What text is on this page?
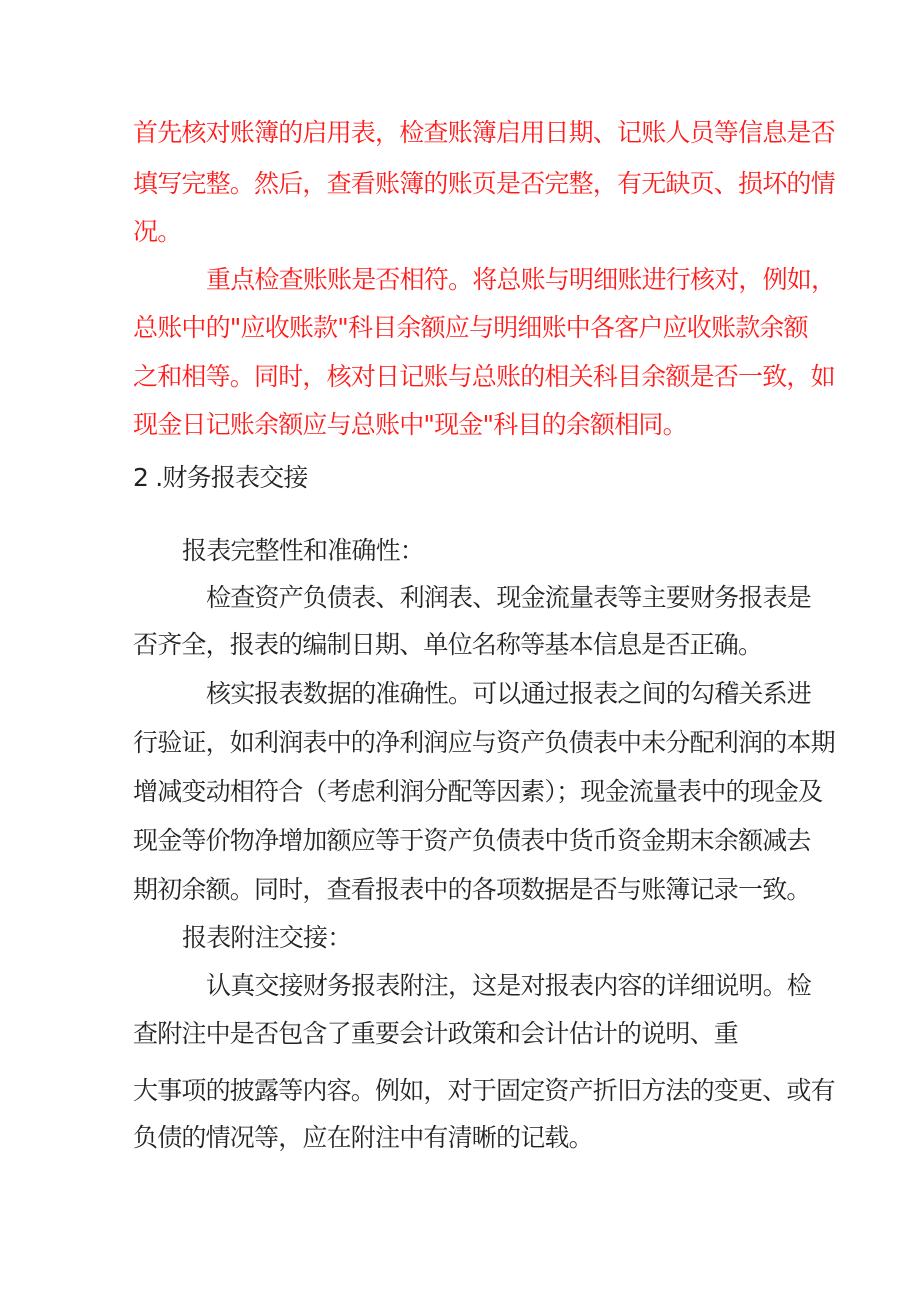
首先核对账簿的启用表，检查账簿启用日期、记账人员等信息是否
填写完整。然后，查看账簿的账页是否完整，有无缺页、损坏的情
况。
重点检查账账是否相符。将总账与明细账进行核对，例如，
总账中的"应收账款"科目余额应与明细账中各客户应收账款余额
之和相等。同时，核对日记账与总账的相关科目余额是否一致，如
现金日记账余额应与总账中"现金"科目的余额相同。
2 .财务报表交接
报表完整性和准确性：
检查资产负债表、利润表、现金流量表等主要财务报表是
否齐全，报表的编制日期、单位名称等基本信息是否正确。
核实报表数据的准确性。可以通过报表之间的勾稽关系进
行验证，如利润表中的净利润应与资产负债表中未分配利润的本期
增减变动相符合（考虑利润分配等因素）；现金流量表中的现金及
现金等价物净增加额应等于资产负债表中货币资金期末余额减去
期初余额。同时，查看报表中的各项数据是否与账簿记录一致。
报表附注交接：
认真交接财务报表附注，这是对报表内容的详细说明。检
查附注中是否包含了重要会计政策和会计估计的说明、重
大事项的披露等内容。例如，对于固定资产折旧方法的变更、或有
负债的情况等，应在附注中有清晰的记载。
